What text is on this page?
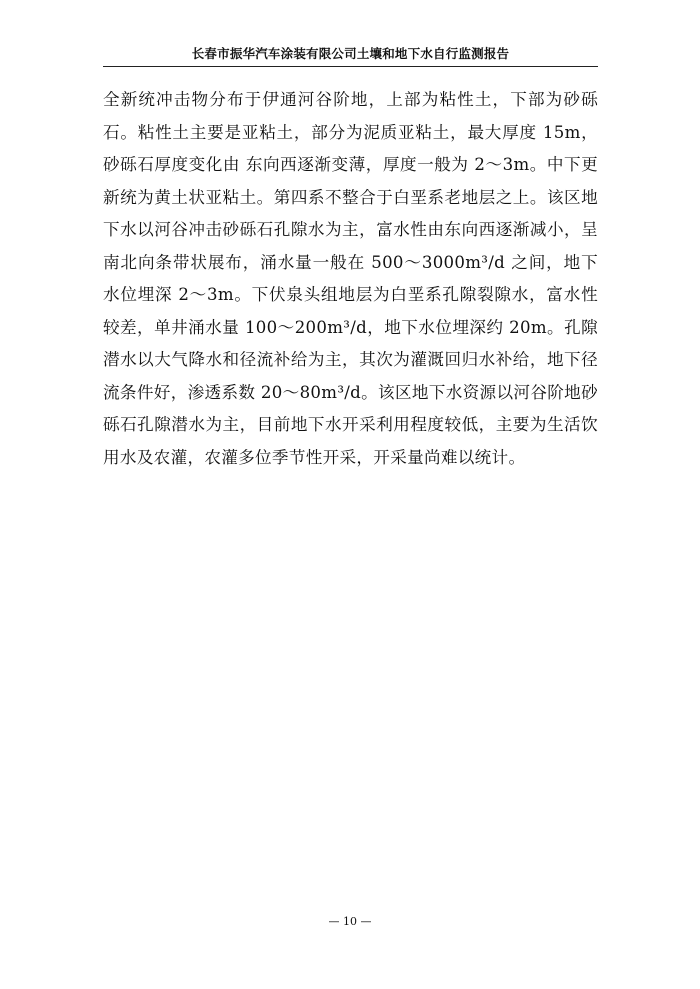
长春市振华汽车涂装有限公司土壤和地下水自行监测报告

全新统冲击物分布于伊通河谷阶地，上部为粘性土，下部为砂砾石。粘性土主要是亚粘土，部分为泥质亚粘土，最大厚度 15m，砂砾石厚度变化由 东向西逐渐变薄，厚度一般为 2～3m。中下更新统为黄土状亚粘土。第四系不整合于白垩系老地层之上。该区地下水以河谷冲击砂砾石孔隙水为主，富水性由东向西逐渐减小，呈南北向条带状展布，涌水量一般在 500～3000m³/d 之间，地下水位埋深 2～3m。下伏泉头组地层为白垩系孔隙裂隙水，富水性较差，单井涌水量 100～200m³/d，地下水位埋深约 20m。孔隙潜水以大气降水和径流补给为主，其次为灌溉回归水补给，地下径流条件好，渗透系数 20～80m³/d。该区地下水资源以河谷阶地砂砾石孔隙潜水为主，目前地下水开采利用程度较低，主要为生活饮用水及农灌，农灌多位季节性开采，开采量尚难以统计。

— 10 —
